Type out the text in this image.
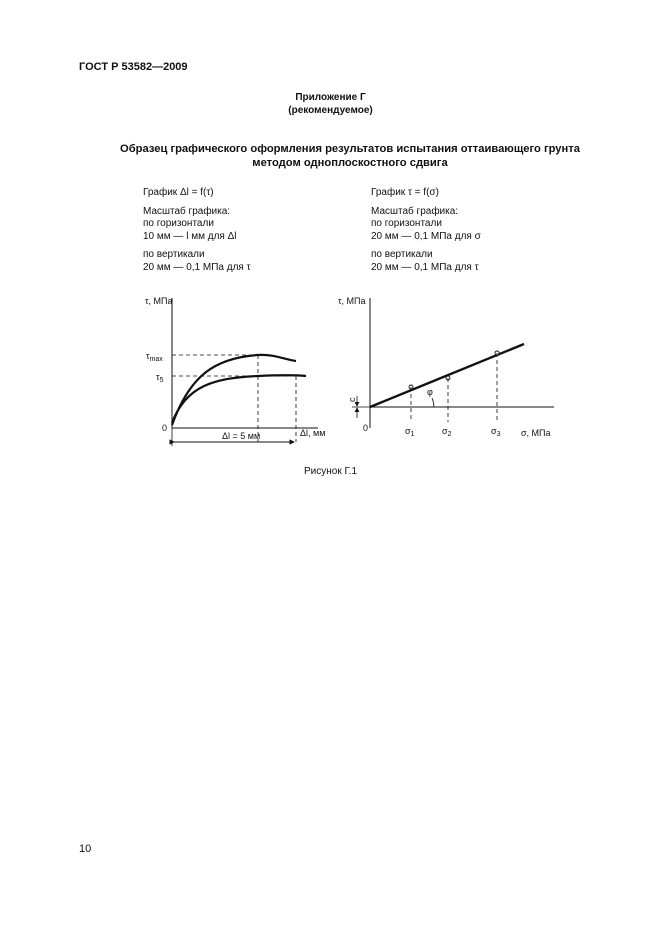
ГОСТ Р 53582—2009
Приложение Г
(рекомендуемое)
Образец графического оформления результатов испытания оттаивающего грунта
методом одноплоскостного сдвига
График Δl = f(τ)
Масштаб графика:
по горизонтали
10 мм — l мм для Δl
по вертикали
20 мм — 0,1 МПа для τ
График τ = f(σ)
Масштаб графика:
по горизонтали
20 мм — 0,1 МПа для σ
по вертикали
20 мм — 0,1 МПа для τ
τ, МПа
0	Δl, мм
$\tau_{max}$
$\tau_5$
Δl = 5 мм
τ, МПа
0	σ, МПа
$\sigma_1$	$\sigma_2$	$\sigma_3$
φ
c
Рисунок Г.1
10
